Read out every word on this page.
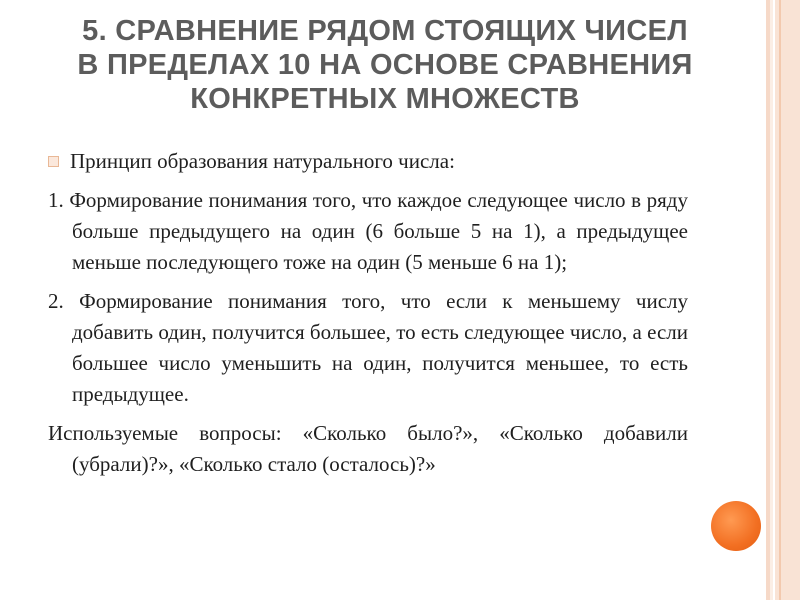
5. СРАВНЕНИЕ РЯДОМ СТОЯЩИХ ЧИСЕЛ
В ПРЕДЕЛАХ 10 НА ОСНОВЕ СРАВНЕНИЯ
КОНКРЕТНЫХ МНОЖЕСТВ
Принцип образования натурального числа:
1. Формирование понимания того, что каждое следующее число в ряду больше предыдущего на один (6 больше 5 на 1), а предыдущее меньше последующего тоже на один (5 меньше 6 на 1);
2. Формирование понимания того, что если к меньшему числу добавить один, получится большее, то есть следующее число, а если большее число уменьшить на один, получится меньшее, то есть предыдущее.
Используемые вопросы: «Сколько было?», «Сколько добавили (убрали)?», «Сколько стало (осталось)?»
